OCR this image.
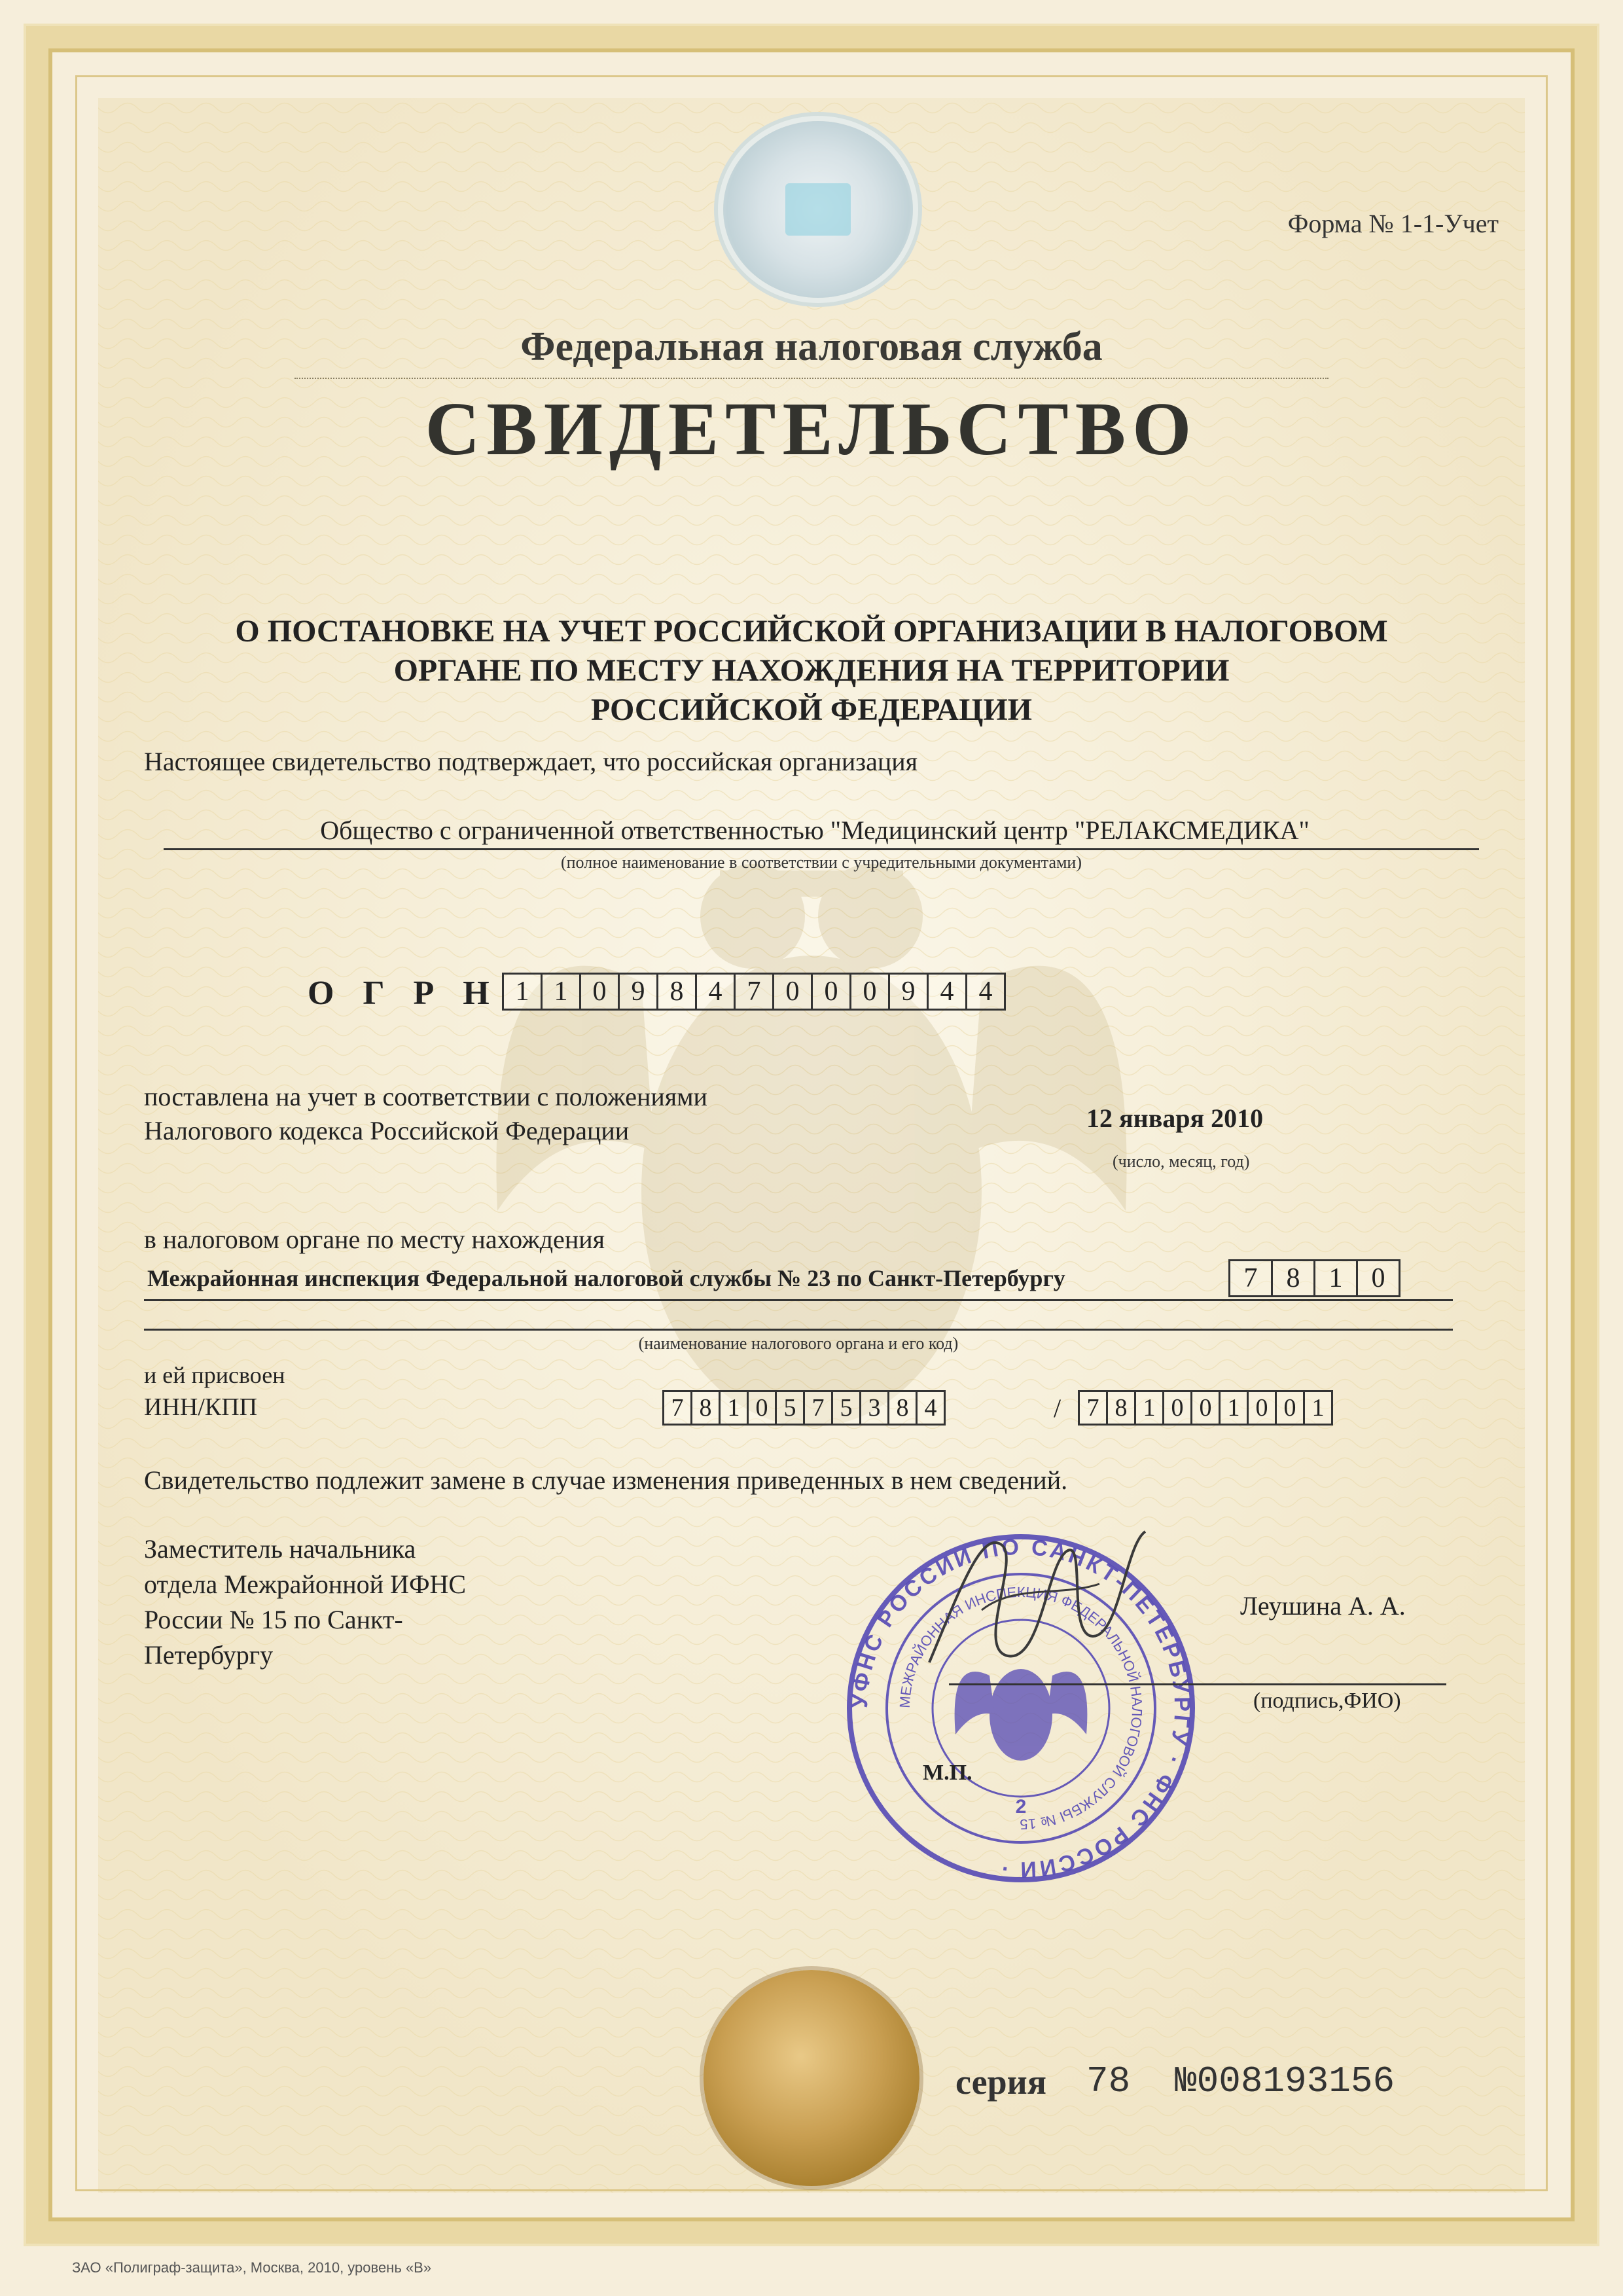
Форма № 1-1-Учет
Федеральная налоговая служба
СВИДЕТЕЛЬСТВО
О ПОСТАНОВКЕ НА УЧЕТ РОССИЙСКОЙ ОРГАНИЗАЦИИ В НАЛОГОВОМ
ОРГАНЕ ПО МЕСТУ НАХОЖДЕНИЯ НА ТЕРРИТОРИИ
РОССИЙСКОЙ ФЕДЕРАЦИИ
Настоящее свидетельство подтверждает, что российская организация
Общество с ограниченной ответственностью "Медицинский центр "РЕЛАКСМЕДИКА"
(полное наименование в соответствии с учредительными документами)
ОГРН
1 1 0 9 8 4 7 0 0 0 9 4 4
поставлена на учет в соответствии с положениями
Налогового кодекса Российской Федерации	12 января 2010
(число, месяц, год)
в налоговом органе по месту нахождения
Межрайонная инспекция Федеральной налоговой службы № 23 по Санкт-Петербургу	7	8	1	0
(наименование налогового органа и его код)
и ей присвоен
ИНН/КПП	7 8 1 0 5 7 5 3 8 4	/	7 8 1 0 0 1 0 0 1
Свидетельство подлежит замене в случае изменения приведенных в нем сведений.
Заместитель начальника
отдела Межрайонной ИФНС
России № 15 по Санкт-
Петербургу
УФНС РОССИИ ПО САНКТ-ПЕТЕРБУРГУ · ФНС РОССИИ ·
МЕЖРАЙОННАЯ ИНСПЕКЦИЯ ФЕДЕРАЛЬНОЙ НАЛОГОВОЙ СЛУЖБЫ № 15
2
Леушина А. А.
(подпись,ФИО)
М.П.
серия 78 №008193156
ЗАО «Полиграф-защита», Москва, 2010, уровень «В»
